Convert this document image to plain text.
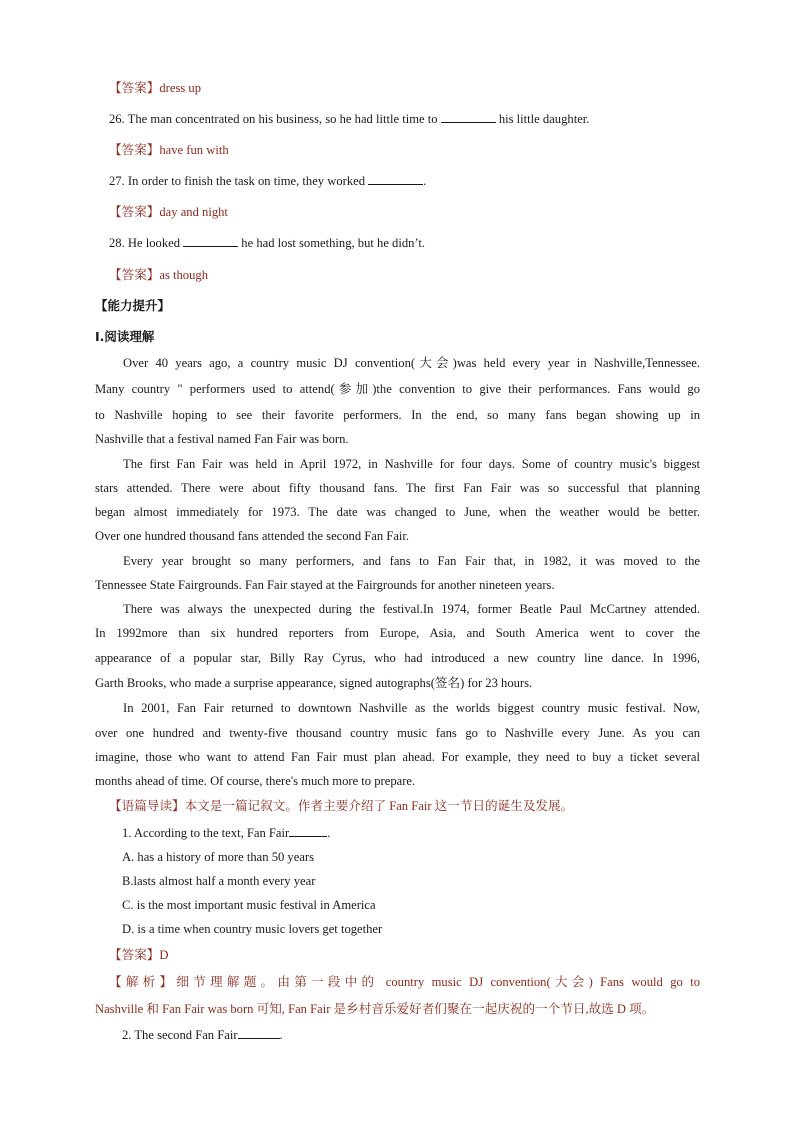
【答案】dress up
26. The man concentrated on his business, so he had little time to	his little daughter.
【答案】have fun with
27. In order to finish the task on time, they worked	.
【答案】day and night
28. He looked	he had lost something, but he didn’t.
【答案】as though
【能力提升】
Ⅰ.阅读理解
Over 40 years ago, a country music DJ convention(大会)was held every year in Nashville,Tennessee.
Many country " performers used to attend(参加)the convention to give their performances. Fans would go
to Nashville hoping to see their favorite performers. In the end, so many fans began showing up in
Nashville that a festival named Fan Fair was born.
The first Fan Fair was held in April 1972, in Nashville for four days. Some of country music's biggest
stars attended. There were about fifty thousand fans. The first Fan Fair was so successful that planning
began almost immediately for 1973. The date was changed to June, when the weather would be better.
Over one hundred thousand fans attended the second Fan Fair.
Every year brought so many performers, and fans to Fan Fair that, in 1982, it was moved to the
Tennessee State Fairgrounds. Fan Fair stayed at the Fairgrounds for another nineteen years.
There was always the unexpected during the festival.In 1974, former Beatle Paul McCartney attended.
In 1992more than six hundred reporters from Europe, Asia, and South America went to cover the
appearance of a popular star, Billy Ray Cyrus, who had introduced a new country line dance. In 1996,
Garth Brooks, who made a surprise appearance, signed autographs(签名) for 23 hours.
In 2001, Fan Fair returned to downtown Nashville as the worlds biggest country music festival. Now,
over one hundred and twenty-five thousand country music fans go to Nashville every June. As you can
imagine, those who want to attend Fan Fair must plan ahead. For example, they need to buy a ticket several
months ahead of time. Of course, there's much more to prepare.
【语篇导读】本文是一篇记叙文。作者主要介绍了 Fan Fair 这一节日的诞生及发展。
1. According to the text, Fan Fair	.
A. has a history of more than 50 years
B.lasts almost half a month every year
C. is the most important music festival in America
D. is a time when country music lovers get together
【答案】D
【解析】细节理解题。由第一段中的 country music DJ convention(大会) Fans would go to
Nashville 和 Fan Fair was born 可知, Fan Fair 是乡村音乐爱好者们聚在一起庆祝的一个节日,故选 D 项。
2. The second Fan Fair	.
